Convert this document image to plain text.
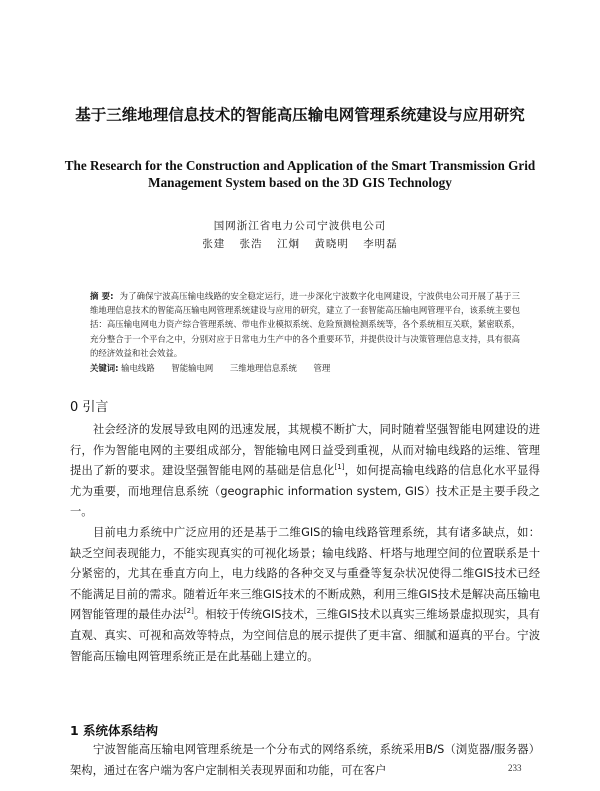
基于三维地理信息技术的智能高压输电网管理系统建设与应用研究
The Research for the Construction and Application of the Smart Transmission Grid Management System based on the 3D GIS Technology
国网浙江省电力公司宁波供电公司
张建 张浩 江炯 黄晓明 李明磊
摘 要: 为了确保宁波高压输电线路的安全稳定运行，进一步深化宁波数字化电网建设，宁波供电公司开展了基于三维地理信息技术的智能高压输电网管理系统建设与应用的研究，建立了一套智能高压输电网管理平台，该系统主要包括：高压输电网电力资产综合管理系统、带电作业模拟系统、危险预测检测系统等，各个系统相互关联，紧密联系，充分整合于一个平台之中，分别对应于日常电力生产中的各个重要环节，并提供设计与决策管理信息支持，具有很高的经济效益和社会效益。
关键词: 输电线路 智能输电网 三维地理信息系统 管理
0 引言

社会经济的发展导致电网的迅速发展，其规模不断扩大，同时随着坚强智能电网建设的进行，作为智能电网的主要组成部分，智能输电网日益受到重视，从而对输电线路的运维、管理提出了新的要求。建设坚强智能电网的基础是信息化[1]，如何提高输电线路的信息化水平显得尤为重要，而地理信息系统（geographic information system, GIS）技术正是主要手段之一。

目前电力系统中广泛应用的还是基于二维GIS的输电线路管理系统，其有诸多缺点，如：缺乏空间表现能力，不能实现真实的可视化场景；输电线路、杆塔与地理空间的位置联系是十分紧密的，尤其在垂直方向上，电力线路的各种交叉与重叠等复杂状况使得二维GIS技术已经不能满足目前的需求。随着近年来三维GIS技术的不断成熟，利用三维GIS技术是解决高压输电网智能管理的最佳办法[2]。相较于传统GIS技术，三维GIS技术以真实三维场景虚拟现实，具有直观、真实、可视和高效等特点，为空间信息的展示提供了更丰富、细腻和逼真的平台。宁波智能高压输电网管理系统正是在此基础上建立的。

1 系统体系结构

宁波智能高压输电网管理系统是一个分布式的网络系统，系统采用B/S（浏览器/服务器）架构，通过在客户端为客户定制相关表现界面和功能，可在客户	233
